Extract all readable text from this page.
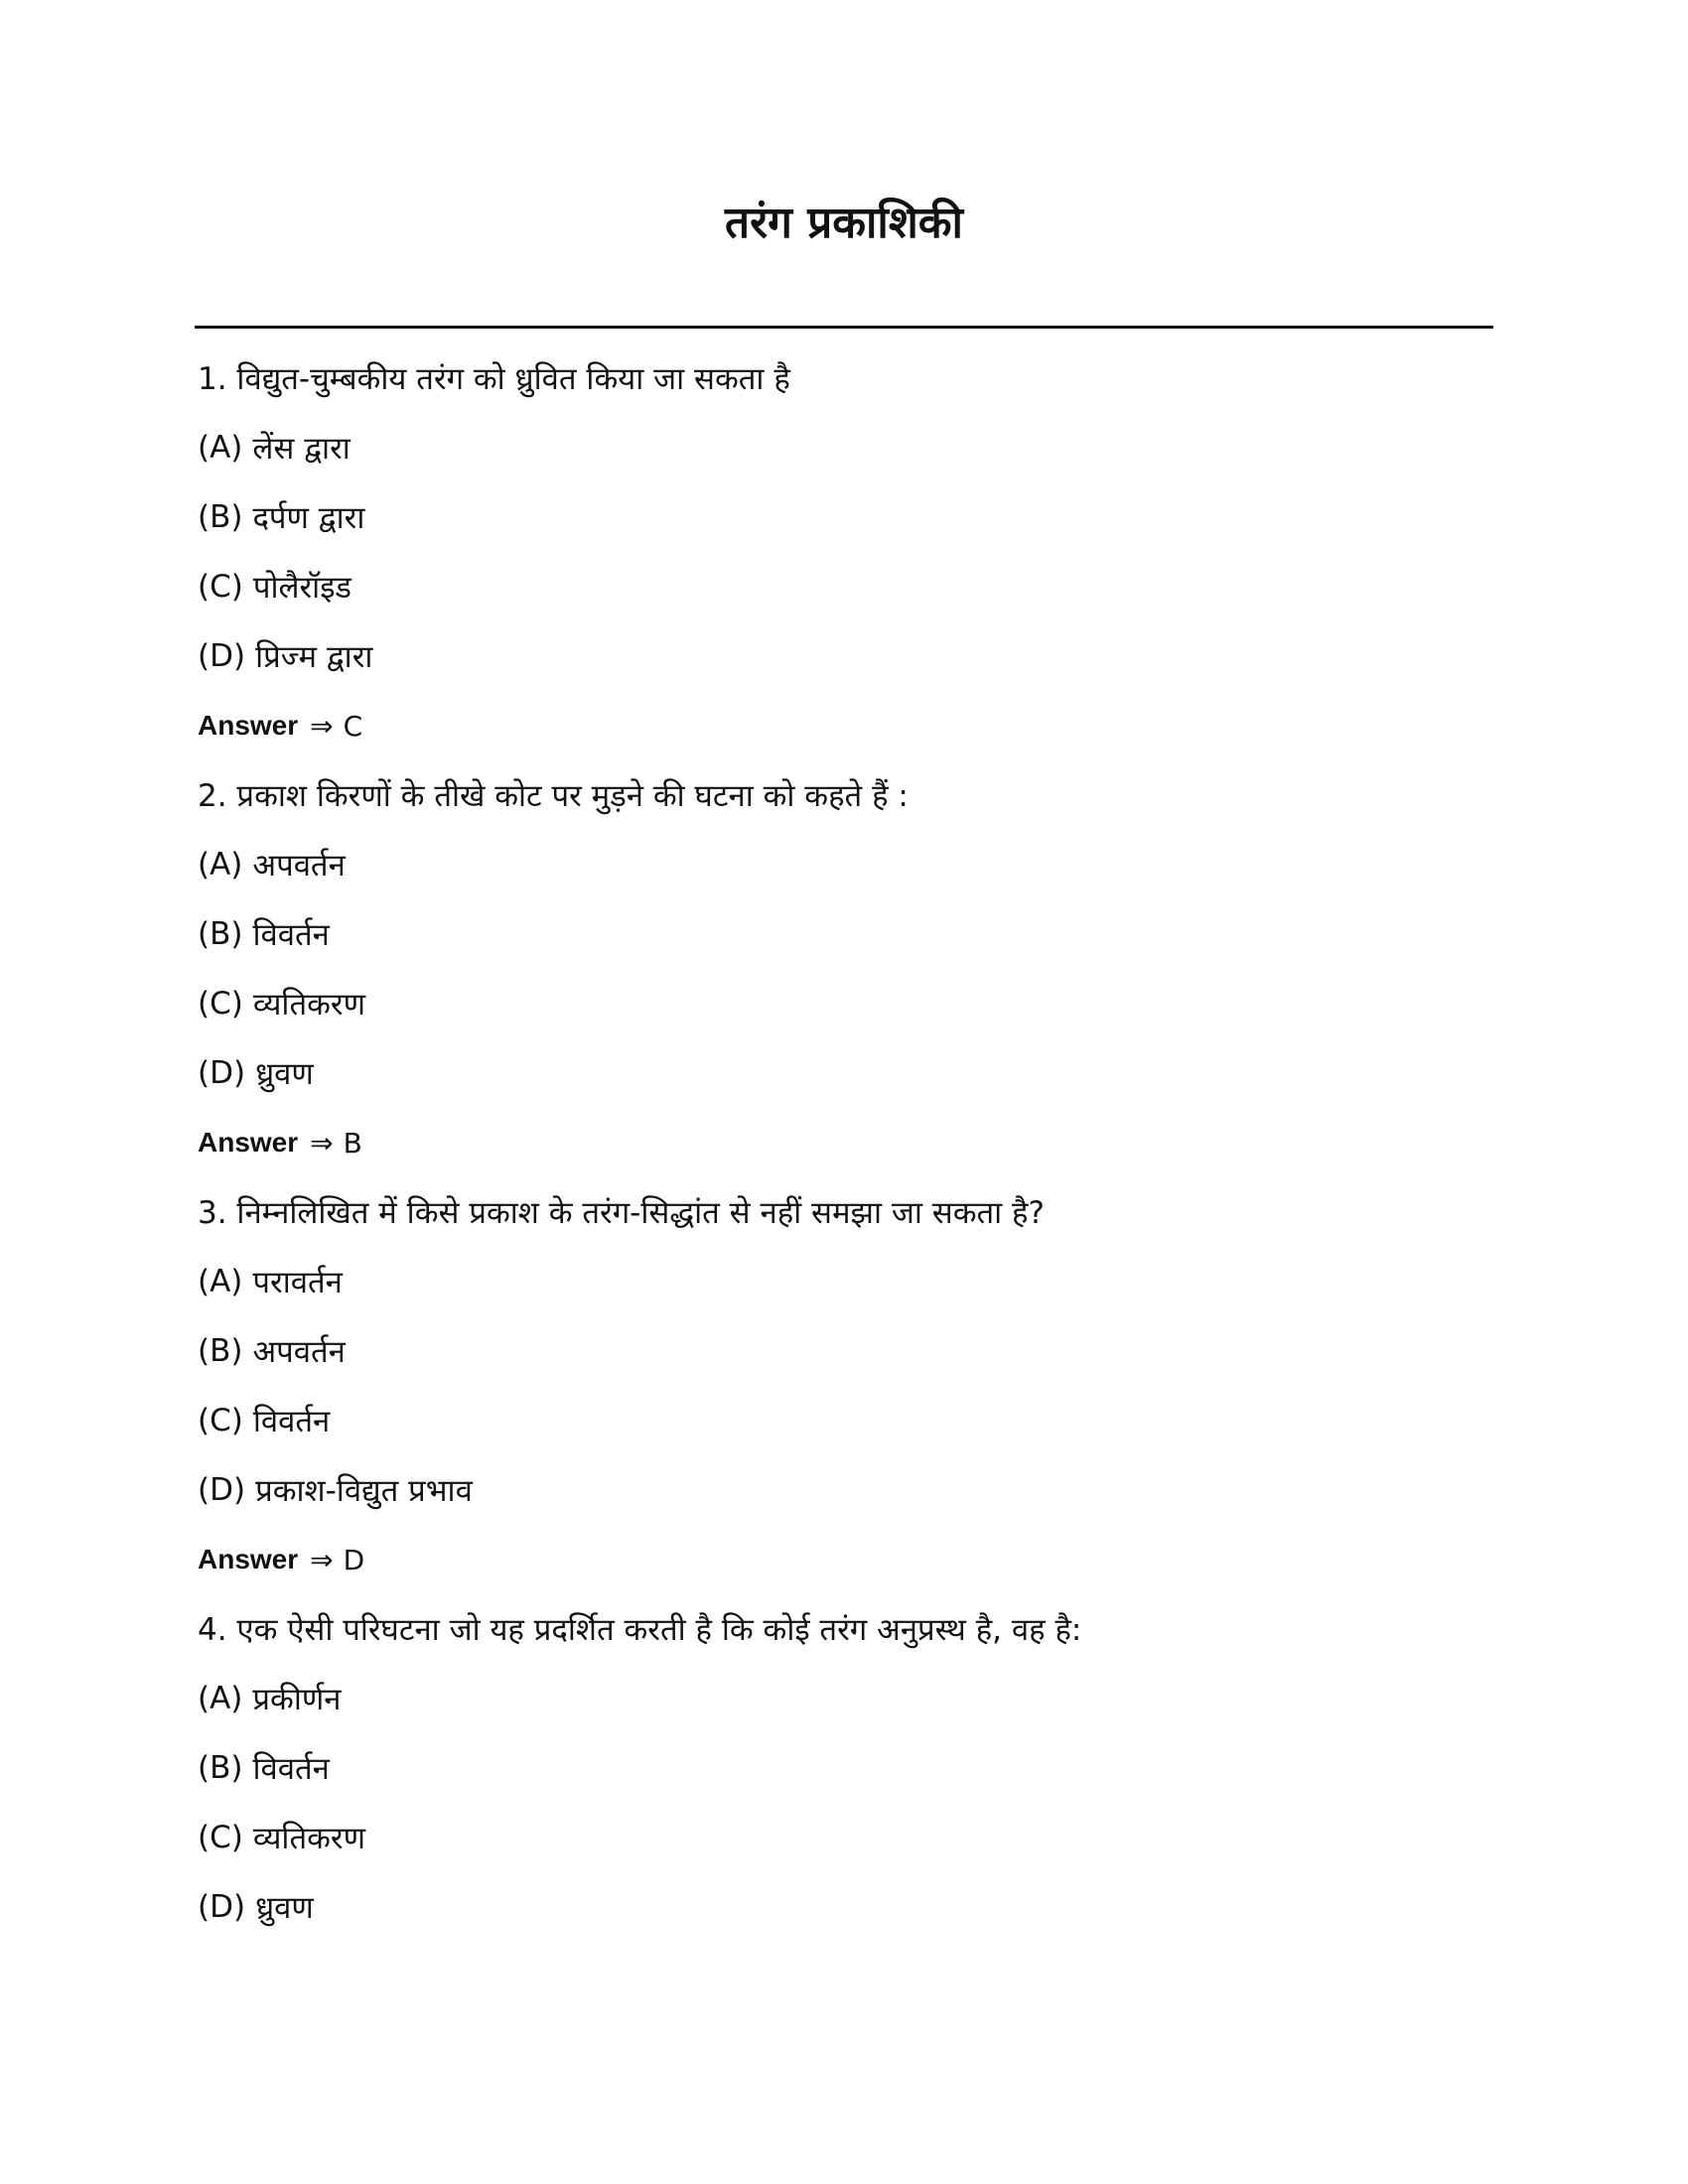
तरंग प्रकाशिकी
1. विद्युत-चुम्बकीय तरंग को ध्रुवित किया जा सकता है
(A) लेंस द्वारा
(B) दर्पण द्वारा
(C) पोलैरॉइड
(D) प्रिज्म द्वारा
Answer ⇒ C
2. प्रकाश किरणों के तीखे कोट पर मुड़ने की घटना को कहते हैं :
(A) अपवर्तन
(B) विवर्तन
(C) व्यतिकरण
(D) ध्रुवण
Answer ⇒ B
3. निम्नलिखित में किसे प्रकाश के तरंग-सिद्धांत से नहीं समझा जा सकता है?
(A) परावर्तन
(B) अपवर्तन
(C) विवर्तन
(D) प्रकाश-विद्युत प्रभाव
Answer ⇒ D
4. एक ऐसी परिघटना जो यह प्रदर्शित करती है कि कोई तरंग अनुप्रस्थ है, वह है:
(A) प्रकीर्णन
(B) विवर्तन
(C) व्यतिकरण
(D) ध्रुवण
